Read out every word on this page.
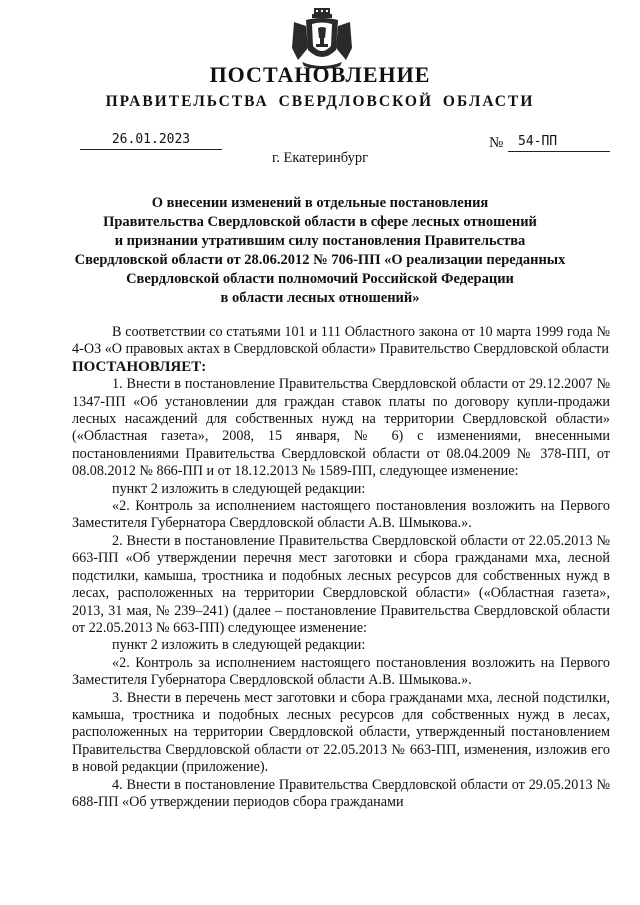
ПОСТАНОВЛЕНИЕ
ПРАВИТЕЛЬСТВА СВЕРДЛОВСКОЙ ОБЛАСТИ
26.01.2023	№	54-ПП
г. Екатеринбург
О внесении изменений в отдельные постановления
Правительства Свердловской области в сфере лесных отношений
и признании утратившим силу постановления Правительства
Свердловской области от 28.06.2012 № 706-ПП «О реализации переданных
Свердловской области полномочий Российской Федерации
в области лесных отношений»

В соответствии со статьями 101 и 111 Областного закона от 10 марта 1999 года № 4-ОЗ «О правовых актах в Свердловской области» Правительство Свердловской области

ПОСТАНОВЛЯЕТ:

1. Внести в постановление Правительства Свердловской области от 29.12.2007 № 1347-ПП «Об установлении для граждан ставок платы по договору купли-продажи лесных насаждений для собственных нужд на территории Свердловской области» («Областная газета», 2008, 15 января, № 6) с изменениями, внесенными постановлениями Правительства Свердловской области от 08.04.2009 № 378-ПП, от 08.08.2012 № 866-ПП и от 18.12.2013 № 1589-ПП, следующее изменение:

пункт 2 изложить в следующей редакции:

«2. Контроль за исполнением настоящего постановления возложить на Первого Заместителя Губернатора Свердловской области А.В. Шмыкова.».

2. Внести в постановление Правительства Свердловской области от 22.05.2013 № 663-ПП «Об утверждении перечня мест заготовки и сбора гражданами мха, лесной подстилки, камыша, тростника и подобных лесных ресурсов для собственных нужд в лесах, расположенных на территории Свердловской области» («Областная газета», 2013, 31 мая, № 239–241) (далее – постановление Правительства Свердловской области от 22.05.2013 № 663-ПП) следующее изменение:

пункт 2 изложить в следующей редакции:

«2. Контроль за исполнением настоящего постановления возложить на Первого Заместителя Губернатора Свердловской области А.В. Шмыкова.».

3. Внести в перечень мест заготовки и сбора гражданами мха, лесной подстилки, камыша, тростника и подобных лесных ресурсов для собственных нужд в лесах, расположенных на территории Свердловской области, утвержденный постановлением Правительства Свердловской области от 22.05.2013 № 663-ПП, изменения, изложив его в новой редакции (приложение).

4. Внести в постановление Правительства Свердловской области от 29.05.2013 № 688-ПП «Об утверждении периодов сбора гражданами
